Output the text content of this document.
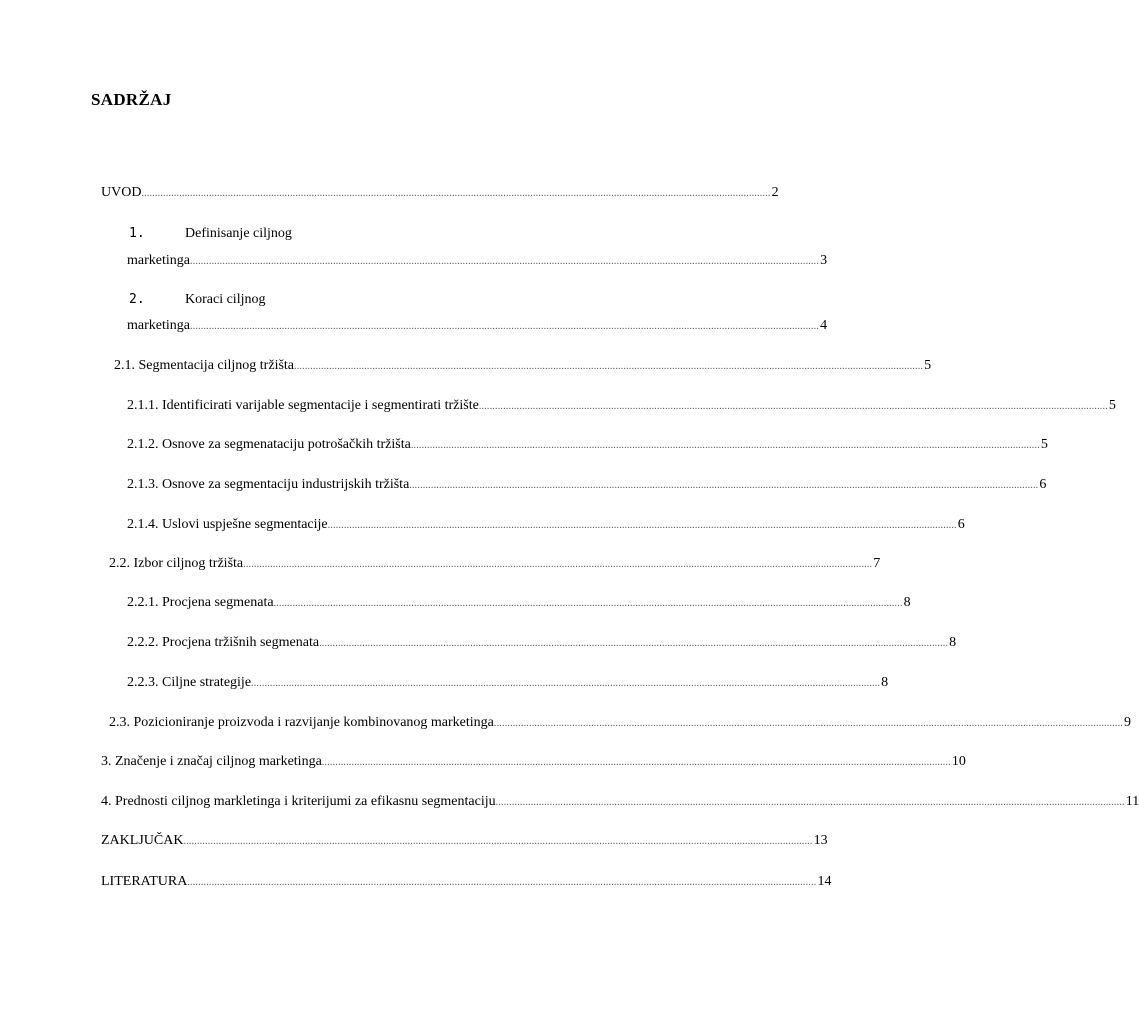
SADRŽAJ
UVOD ......................................................................................................................................................................................................................................... 2
1.	Definisanje ciljnog
marketinga ......................................................................................................................................................................................................................................... 3
2.	Koraci ciljnog
marketinga ......................................................................................................................................................................................................................................... 4
2.1. Segmentacija ciljnog tržišta ......................................................................................................................................................................................................................................... 5
2.1.1. Identificirati varijable segmentacije i segmentirati tržište ......................................................................................................................................................................................................................................... 5
2.1.2. Osnove za segmenataciju potrošačkih tržišta ......................................................................................................................................................................................................................................... 5
2.1.3. Osnove za segmentaciju industrijskih tržišta ......................................................................................................................................................................................................................................... 6
2.1.4. Uslovi uspješne segmentacije ......................................................................................................................................................................................................................................... 6
2.2. Izbor ciljnog tržišta ......................................................................................................................................................................................................................................... 7
2.2.1. Procjena segmenata ......................................................................................................................................................................................................................................... 8
2.2.2. Procjena tržišnih segmenata ......................................................................................................................................................................................................................................... 8
2.2.3. Ciljne strategije ......................................................................................................................................................................................................................................... 8
2.3. Pozicioniranje proizvoda i razvijanje kombinovanog marketinga ......................................................................................................................................................................................................................................... 9
3. Značenje i značaj ciljnog marketinga ......................................................................................................................................................................................................................................... 10
4. Prednosti ciljnog markletinga i kriterijumi za efikasnu segmentaciju ......................................................................................................................................................................................................................................... 11
ZAKLJUČAK ......................................................................................................................................................................................................................................... 13
LITERATURA ......................................................................................................................................................................................................................................... 14
